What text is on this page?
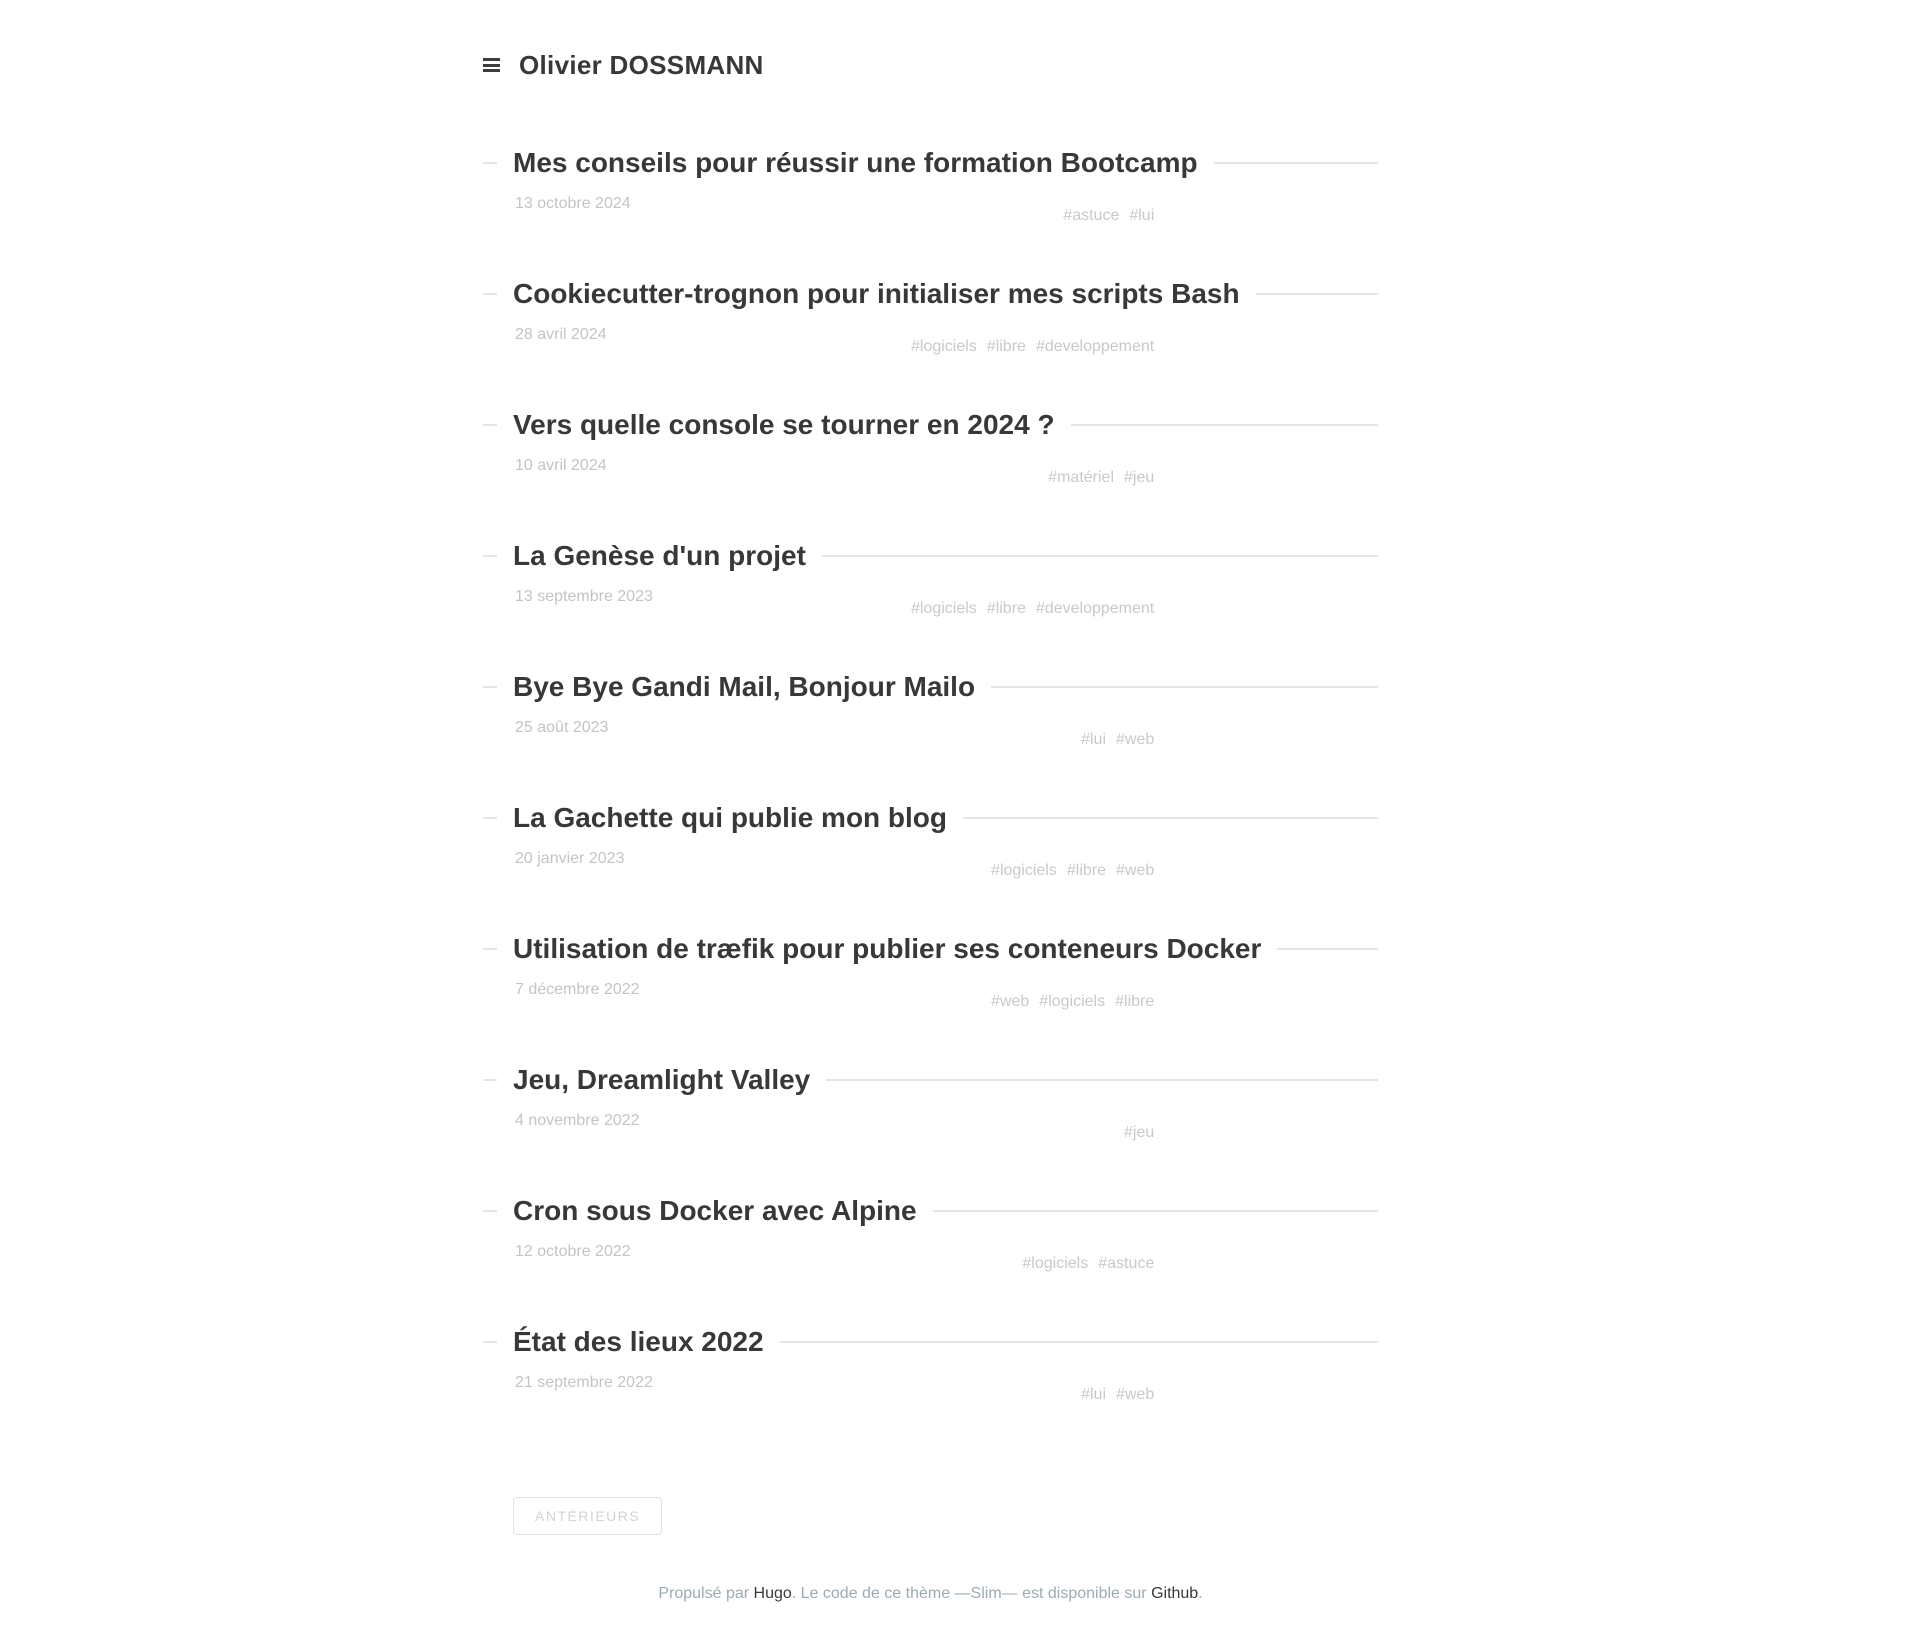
Olivier DOSSMANN
Mes conseils pour réussir une formation Bootcamp
13 octobre 2024
#astuce #lui
Cookiecutter-trognon pour initialiser mes scripts Bash
28 avril 2024
#logiciels #libre #developpement
Vers quelle console se tourner en 2024 ?
10 avril 2024
#matériel #jeu
La Genèse d'un projet
13 septembre 2023
#logiciels #libre #developpement
Bye Bye Gandi Mail, Bonjour Mailo
25 août 2023
#lui #web
La Gachette qui publie mon blog
20 janvier 2023
#logiciels #libre #web
Utilisation de træfik pour publier ses conteneurs Docker
7 décembre 2022
#web #logiciels #libre
Jeu, Dreamlight Valley
4 novembre 2022
#jeu
Cron sous Docker avec Alpine
12 octobre 2022
#logiciels #astuce
État des lieux 2022
21 septembre 2022
#lui #web
ANTÉRIEURS
Propulsé par Hugo. Le code de ce thème —Slim— est disponible sur Github.
